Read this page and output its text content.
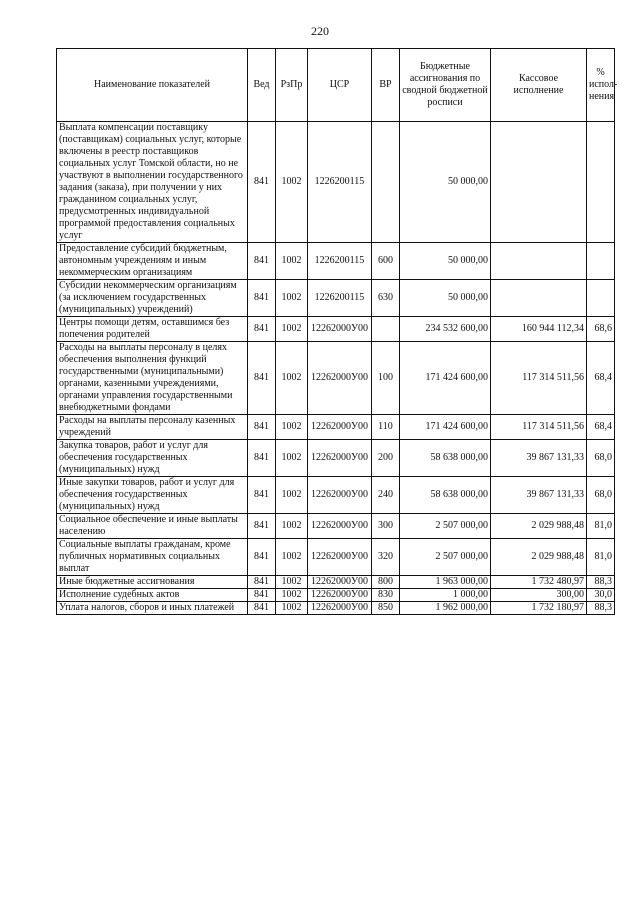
220
Наименование показателей	Вед	РзПр	ЦСР	ВР	Бюджетные ассигнования по сводной бюджетной росписи	Кассовое исполнение	% испол-нения
Выплата компенсации поставщику (поставщикам) социальных услуг, которые включены в реестр поставщиков социальных услуг Томской области, но не участвуют в выполнении государственного задания (заказа), при получении у них гражданином социальных услуг, предусмотренных индивидуальной программой предоставления социальных услуг	841	1002	1226200115		50 000,00		
Предоставление субсидий бюджетным, автономным учреждениям и иным некоммерческим организациям	841	1002	1226200115	600	50 000,00		
Субсидии некоммерческим организациям (за исключением государственных (муниципальных) учреждений)	841	1002	1226200115	630	50 000,00		
Центры помощи детям, оставшимся без попечения родителей	841	1002	12262000У00		234 532 600,00	160 944 112,34	68,6
Расходы на выплаты персоналу в целях обеспечения выполнения функций государственными (муниципальными) органами, казенными учреждениями, органами управления государственными внебюджетными фондами	841	1002	12262000У00	100	171 424 600,00	117 314 511,56	68,4
Расходы на выплаты персоналу казенных учреждений	841	1002	12262000У00	110	171 424 600,00	117 314 511,56	68,4
Закупка товаров, работ и услуг для обеспечения государственных (муниципальных) нужд	841	1002	12262000У00	200	58 638 000,00	39 867 131,33	68,0
Иные закупки товаров, работ и услуг для обеспечения государственных (муниципальных) нужд	841	1002	12262000У00	240	58 638 000,00	39 867 131,33	68,0
Социальное обеспечение и иные выплаты населению	841	1002	12262000У00	300	2 507 000,00	2 029 988,48	81,0
Социальные выплаты гражданам, кроме публичных нормативных социальных выплат	841	1002	12262000У00	320	2 507 000,00	2 029 988,48	81,0
Иные бюджетные ассигнования	841	1002	12262000У00	800	1 963 000,00	1 732 480,97	88,3
Исполнение судебных актов	841	1002	12262000У00	830	1 000,00	300,00	30,0
Уплата налогов, сборов и иных платежей	841	1002	12262000У00	850	1 962 000,00	1 732 180,97	88,3
